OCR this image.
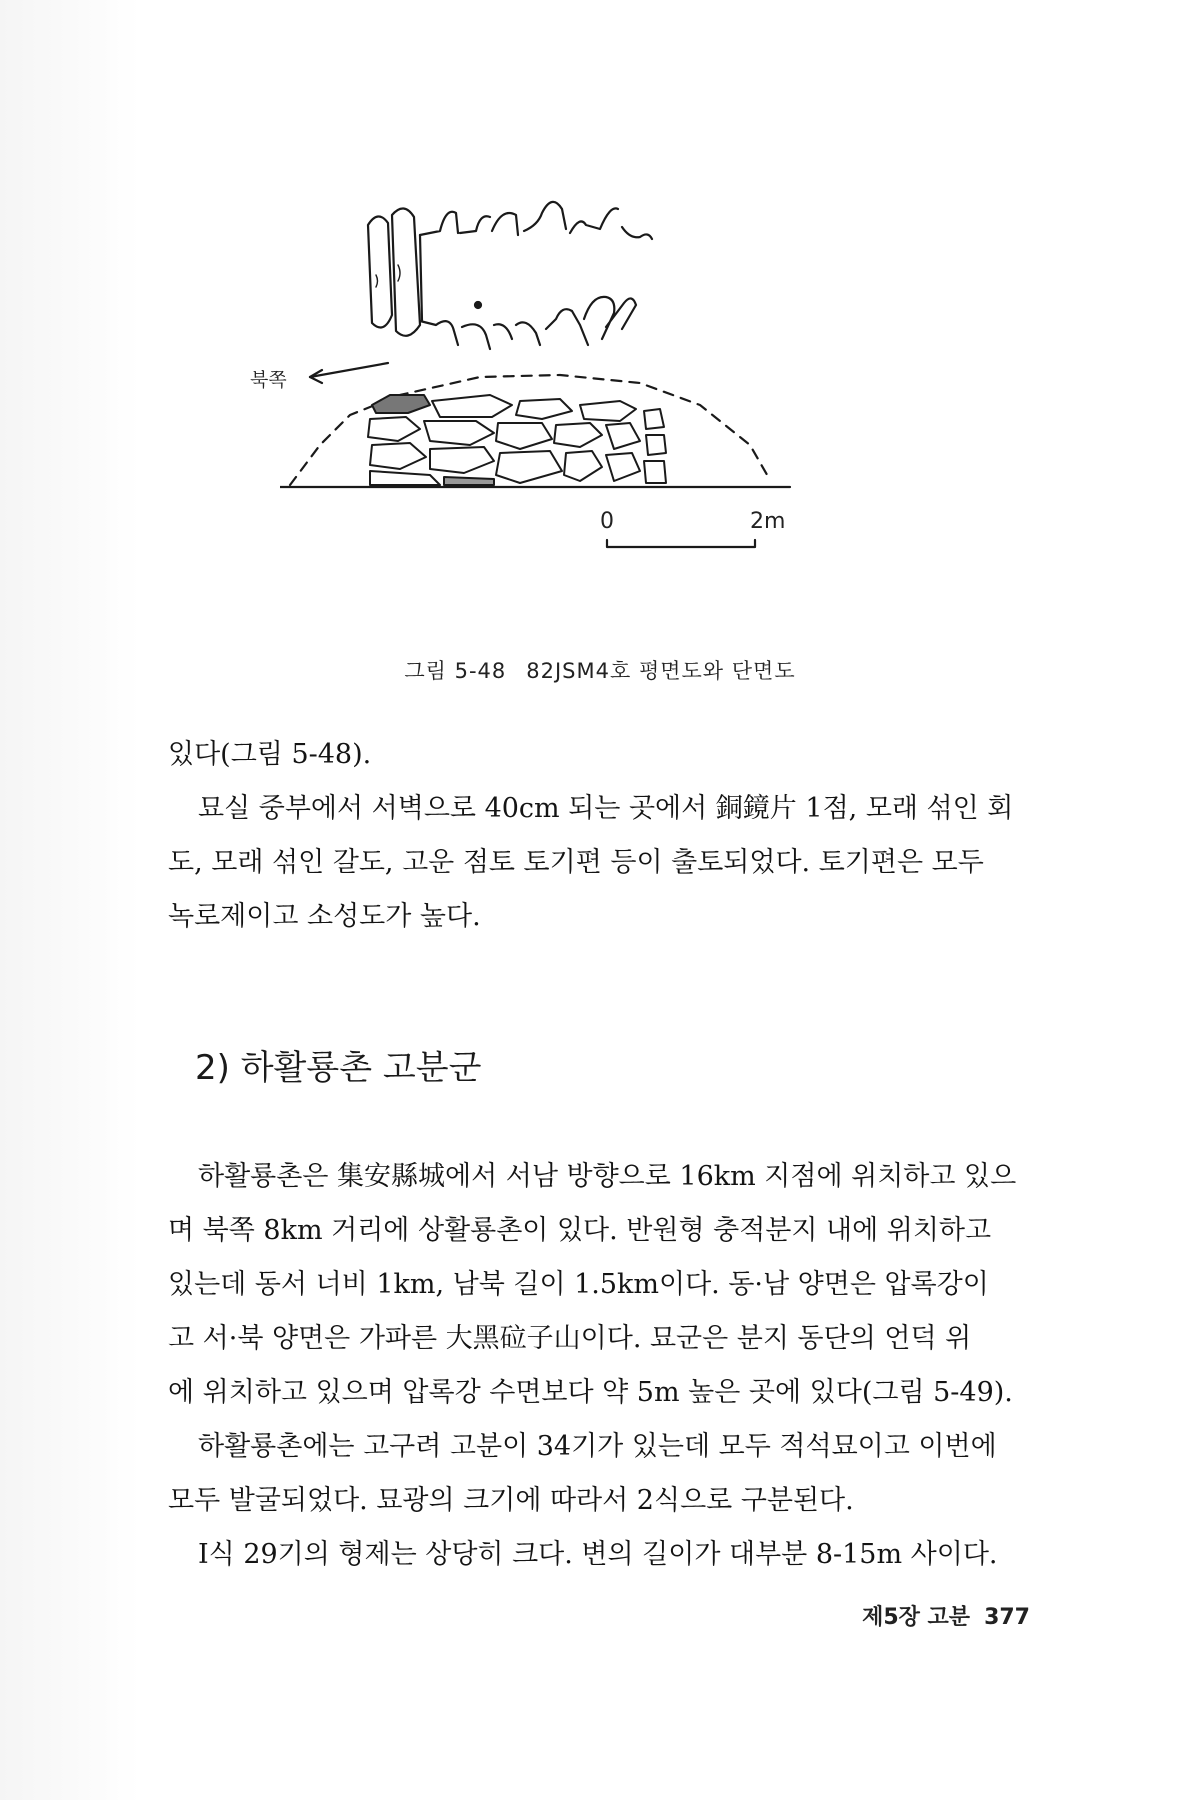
0	2m
북쪽
그림 5-48 82JSM4호 평면도와 단면도
있다(그림 5-48).
묘실 중부에서 서벽으로 40cm 되는 곳에서 銅鏡片 1점, 모래 섞인 회
도, 모래 섞인 갈도, 고운 점토 토기편 등이 출토되었다. 토기편은 모두
녹로제이고 소성도가 높다.
2) 하활룡촌 고분군
하활룡촌은 集安縣城에서 서남 방향으로 16km 지점에 위치하고 있으
며 북쪽 8km 거리에 상활룡촌이 있다. 반원형 충적분지 내에 위치하고
있는데 동서 너비 1km, 남북 길이 1.5km이다. 동·남 양면은 압록강이
고 서·북 양면은 가파른 大黑砬子山이다. 묘군은 분지 동단의 언덕 위
에 위치하고 있으며 압록강 수면보다 약 5m 높은 곳에 있다(그림 5-49).
하활룡촌에는 고구려 고분이 34기가 있는데 모두 적석묘이고 이번에
모두 발굴되었다. 묘광의 크기에 따라서 2식으로 구분된다.
I식 29기의 형제는 상당히 크다. 변의 길이가 대부분 8-15m 사이다.
제5장 고분 377
